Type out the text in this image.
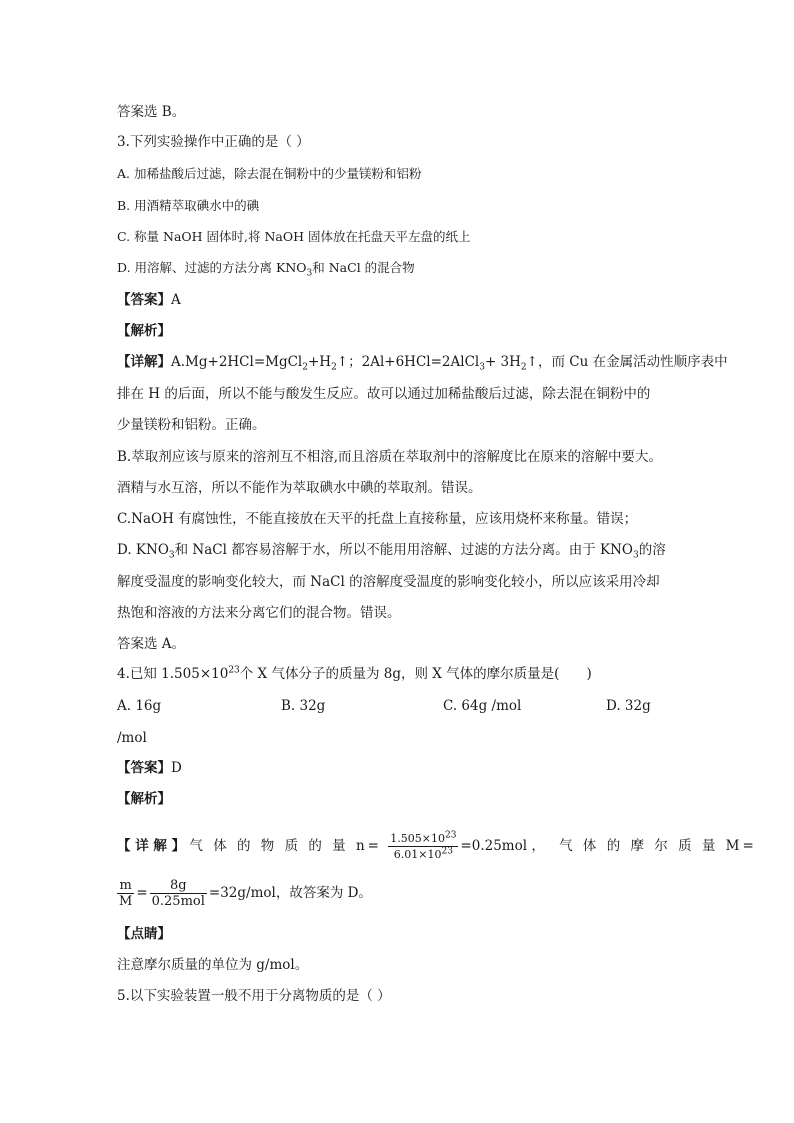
答案选 B。
3.下列实验操作中正确的是（ ）
A. 加稀盐酸后过滤，除去混在铜粉中的少量镁粉和铝粉
B. 用酒精萃取碘水中的碘
C. 称量 NaOH 固体时,将 NaOH 固体放在托盘天平左盘的纸上
D. 用溶解、过滤的方法分离 $KNO_3$和 NaCl 的混合物
【答案】A
【解析】
【详解】$A.Mg+2HCl=MgCl_2+H_2↑$；2Al+6HCl=2AlCl$_3$+ $3H_2↑$，而 Cu 在金属活动性顺序表中
排在 H 的后面，所以不能与酸发生反应。故可以通过加稀盐酸后过滤，除去混在铜粉中的
少量镁粉和铝粉。正确。
B.萃取剂应该与原来的溶剂互不相溶,而且溶质在萃取剂中的溶解度比在原来的溶解中要大。
酒精与水互溶，所以不能作为萃取碘水中碘的萃取剂。错误。
C.NaOH 有腐蚀性，不能直接放在天平的托盘上直接称量，应该用烧杯来称量。错误；
D. $KNO_3$和 NaCl 都容易溶解于水，所以不能用用溶解、过滤的方法分离。由于 $KNO_3$的溶
解度受温度的影响变化较大，而 NaCl 的溶解度受温度的影响变化较小，所以应该采用冷却
热饱和溶液的方法来分离它们的混合物。错误。
答案选 A。
4.已知 $1.505\times 10^{23}$个 X 气体分子的质量为 8g，则 X 气体的摩尔质量是(　　)
A. 16g	B. 32g	C. 64g /mol	D. 32g
/mol
【答案】D
【解析】
【 详 解 】 气 体 的 物 质 的 量 $n= \frac{1.505\times 10^{23}}{6.01\times 10^{23}} =0.25mol$ ， 气 体 的 摩 尔 质 量 M=
$\frac{m}{M} = \frac{8g}{\text{0.25mol}} =32g/mol$，故答案为 D。
【点睛】
注意摩尔质量的单位为 g/mol。
5.以下实验装置一般不用于分离物质的是（ ）
